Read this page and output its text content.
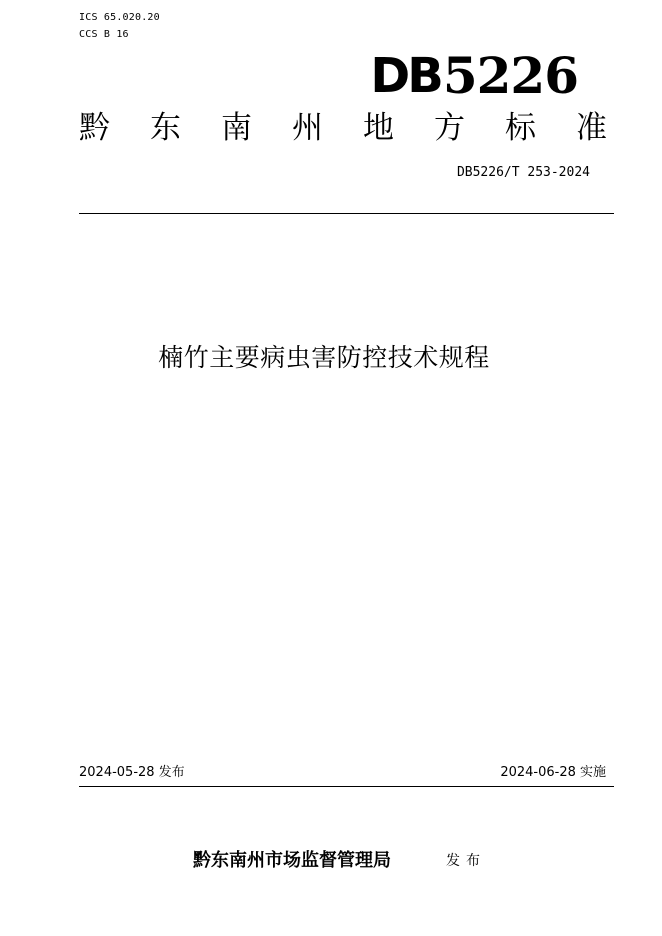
ICS 65.020.20
CCS B 16
DB 5226
黔 东 南 州 地 方 标 准
DB5226/T 253-2024
楠竹主要病虫害防控技术规程
2024-05-28 发布	2024-06-28 实施
黔东南州市场监督管理局	发布
